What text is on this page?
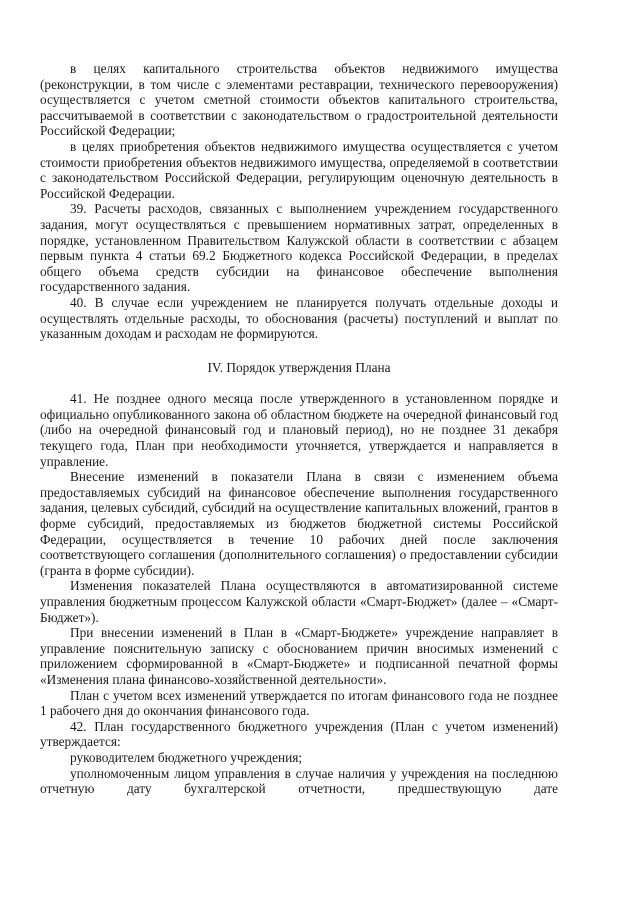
в целях капитального строительства объектов недвижимого имущества (реконструкции, в том числе с элементами реставрации, технического перевооружения) осуществляется с учетом сметной стоимости объектов капитального строительства, рассчитываемой в соответствии с законодательством о градостроительной деятельности Российской Федерации;

в целях приобретения объектов недвижимого имущества осуществляется с учетом стоимости приобретения объектов недвижимого имущества, определяемой в соответствии с законодательством Российской Федерации, регулирующим оценочную деятельность в Российской Федерации.

39. Расчеты расходов, связанных с выполнением учреждением государственного задания, могут осуществляться с превышением нормативных затрат, определенных в порядке, установленном Правительством Калужской области в соответствии с абзацем первым пункта 4 статьи 69.2 Бюджетного кодекса Российской Федерации, в пределах общего объема средств субсидии на финансовое обеспечение выполнения государственного задания.

40. В случае если учреждением не планируется получать отдельные доходы и осуществлять отдельные расходы, то обоснования (расчеты) поступлений и выплат по указанным доходам и расходам не формируются.

IV. Порядок утверждения Плана

41. Не позднее одного месяца после утвержденного в установленном порядке и официально опубликованного закона об областном бюджете на очередной финансовый год (либо на очередной финансовый год и плановый период), но не позднее 31 декабря текущего года, План при необходимости уточняется, утверждается и направляется в управление.

Внесение изменений в показатели Плана в связи с изменением объема предоставляемых субсидий на финансовое обеспечение выполнения государственного задания, целевых субсидий, субсидий на осуществление капитальных вложений, грантов в форме субсидий, предоставляемых из бюджетов бюджетной системы Российской Федерации, осуществляется в течение 10 рабочих дней после заключения соответствующего соглашения (дополнительного соглашения) о предоставлении субсидии (гранта в форме субсидии).

Изменения показателей Плана осуществляются в автоматизированной системе управления бюджетным процессом Калужской области «Смарт-Бюджет» (далее – «Смарт-Бюджет»).

При внесении изменений в План в «Смарт-Бюджете» учреждение направляет в управление пояснительную записку с обоснованием причин вносимых изменений с приложением сформированной в «Смарт-Бюджете» и подписанной печатной формы «Изменения плана финансово-хозяйственной деятельности».

План с учетом всех изменений утверждается по итогам финансового года не позднее 1 рабочего дня до окончания финансового года.

42. План государственного бюджетного учреждения (План с учетом изменений) утверждается:

руководителем бюджетного учреждения;

уполномоченным лицом управления в случае наличия у учреждения на последнюю отчетную дату бухгалтерской отчетности, предшествующую дате
